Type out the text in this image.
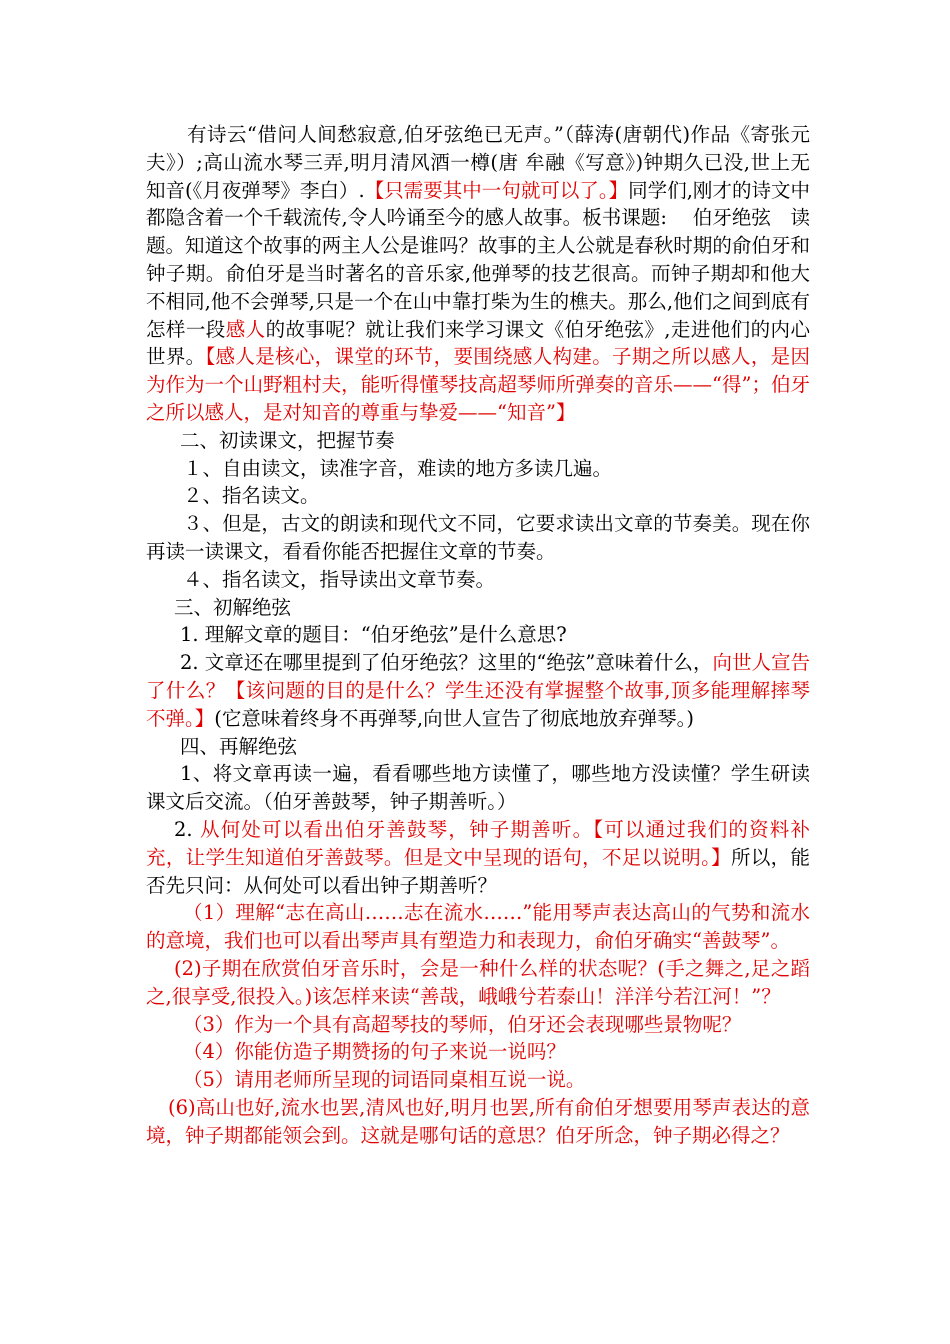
有诗云“借问人间愁寂意,伯牙弦绝已无声。”（薛涛(唐朝代)作品《寄张元夫》）;高山流水琴三弄,明月清风酒一樽(唐 牟融《写意》)钟期久已没,世上无知音(《月夜弹琴》李白）.【只需要其中一句就可以了。】同学们,刚才的诗文中都隐含着一个千载流传,令人吟诵至今的感人故事。板书课题:　 伯牙绝弦　读题。知道这个故事的两主人公是谁吗？故事的主人公就是春秋时期的俞伯牙和钟子期。俞伯牙是当时著名的音乐家,他弹琴的技艺很高。而钟子期却和他大不相同,他不会弹琴,只是一个在山中靠打柴为生的樵夫。那么,他们之间到底有怎样一段感人的故事呢？就让我们来学习课文《伯牙绝弦》,走进他们的内心世界。【感人是核心，课堂的环节，要围绕感人构建。子期之所以感人，是因为作为一个山野粗村夫，能听得懂琴技高超琴师所弹奏的音乐——“得”；伯牙之所以感人，是对知音的尊重与挚爱——“知音”】

二、初读课文，把握节奏

１、自由读文，读准字音，难读的地方多读几遍。

２、指名读文。

３、但是，古文的朗读和现代文不同，它要求读出文章的节奏美。现在你再读一读课文，看看你能否把握住文章的节奏。

４、指名读文，指导读出文章节奏。

三、初解绝弦

1. 理解文章的题目：“伯牙绝弦”是什么意思?

2. 文章还在哪里提到了伯牙绝弦？这里的“绝弦”意味着什么，向世人宣告了什么？【该问题的目的是什么？学生还没有掌握整个故事,顶多能理解摔琴不弹。】(它意味着终身不再弹琴,向世人宣告了彻底地放弃弹琴。)

四、再解绝弦

1、将文章再读一遍，看看哪些地方读懂了，哪些地方没读懂？学生研读课文后交流。（伯牙善鼓琴，钟子期善听。）

2. 从何处可以看出伯牙善鼓琴，钟子期善听。【可以通过我们的资料补充，让学生知道伯牙善鼓琴。但是文中呈现的语句，不足以说明。】所以，能否先只问：从何处可以看出钟子期善听？

（1）理解“志在高山……志在流水……”能用琴声表达高山的气势和流水的意境，我们也可以看出琴声具有塑造力和表现力，俞伯牙确实“善鼓琴”。

(2)子期在欣赏伯牙音乐时，会是一种什么样的状态呢？(手之舞之,足之蹈之,很享受,很投入。)该怎样来读“善哉，峨峨兮若泰山！洋洋兮若江河！”？

（3）作为一个具有高超琴技的琴师，伯牙还会表现哪些景物呢？

（4）你能仿造子期赞扬的句子来说一说吗？

（5）请用老师所呈现的词语同桌相互说一说。

(6)高山也好,流水也罢,清风也好,明月也罢,所有俞伯牙想要用琴声表达的意境，钟子期都能领会到。这就是哪句话的意思？伯牙所念，钟子期必得之？
